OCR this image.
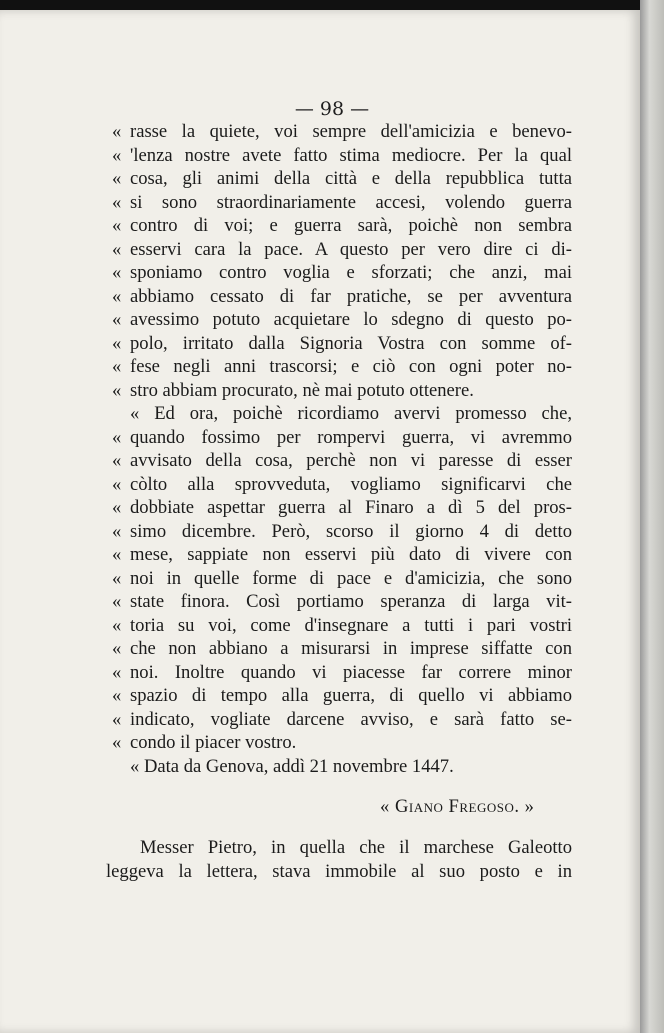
— 98 —
« rasse la quiete, voi sempre dell'amicizia e benevo-
« 'lenza nostre avete fatto stima mediocre. Per la qual
« cosa, gli animi della città e della repubblica tutta
« si sono straordinariamente accesi, volendo guerra
« contro di voi; e guerra sarà, poichè non sembra
« esservi cara la pace. A questo per vero dire ci di-
« sponiamo contro voglia e sforzati; che anzi, mai
« abbiamo cessato di far pratiche, se per avventura
« avessimo potuto acquietare lo sdegno di questo po-
« polo, irritato dalla Signoria Vostra con somme of-
« fese negli anni trascorsi; e ciò con ogni poter no-
« stro abbiam procurato, nè mai potuto ottenere.
« Ed ora, poichè ricordiamo avervi promesso che,
« quando fossimo per rompervi guerra, vi avremmo
« avvisato della cosa, perchè non vi paresse di esser
« còlto alla sprovveduta, vogliamo significarvi che
« dobbiate aspettar guerra al Finaro a dì 5 del pros-
« simo dicembre. Però, scorso il giorno 4 di detto
« mese, sappiate non esservi più dato di vivere con
« noi in quelle forme di pace e d'amicizia, che sono
« state finora. Così portiamo speranza di larga vit-
« toria su voi, come d'insegnare a tutti i pari vostri
« che non abbiano a misurarsi in imprese siffatte con
« noi. Inoltre quando vi piacesse far correre minor
« spazio di tempo alla guerra, di quello vi abbiamo
« indicato, vogliate darcene avviso, e sarà fatto se-
« condo il piacer vostro.
« Data da Genova, addì 21 novembre 1447.
« Giano Fregoso. »
Messer Pietro, in quella che il marchese Galeotto
leggeva la lettera, stava immobile al suo posto e in
